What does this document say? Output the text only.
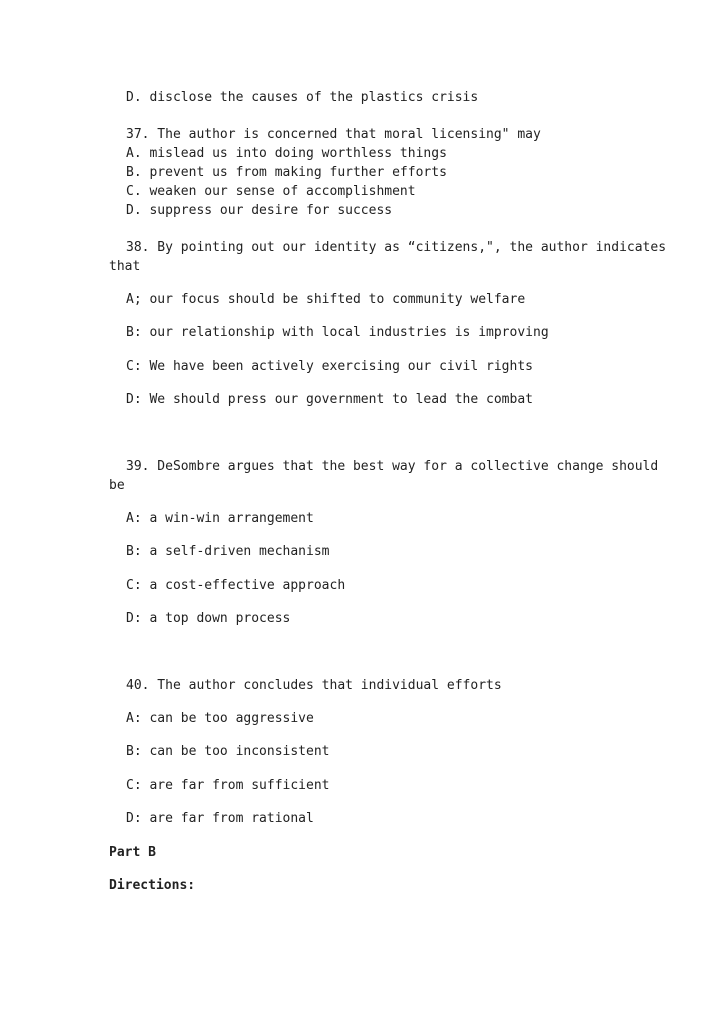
D. disclose the causes of the plastics crisis
37. The author is concerned that moral licensing" may
A. mislead us into doing worthless things
B. prevent us from making further efforts
C. weaken our sense of accomplishment
D. suppress our desire for success
38. By pointing out our identity as “citizens,", the author indicates
that
A; our focus should be shifted to community welfare
B: our relationship with local industries is improving
C: We have been actively exercising our civil rights
D: We should press our government to lead the combat
39. DeSombre argues that the best way for a collective change should
be
A: a win-win arrangement
B: a self-driven mechanism
C: a cost-effective approach
D: a top down process
40. The author concludes that individual efforts
A: can be too aggressive
B: can be too inconsistent
C: are far from sufficient
D: are far from rational
Part B
Directions:
